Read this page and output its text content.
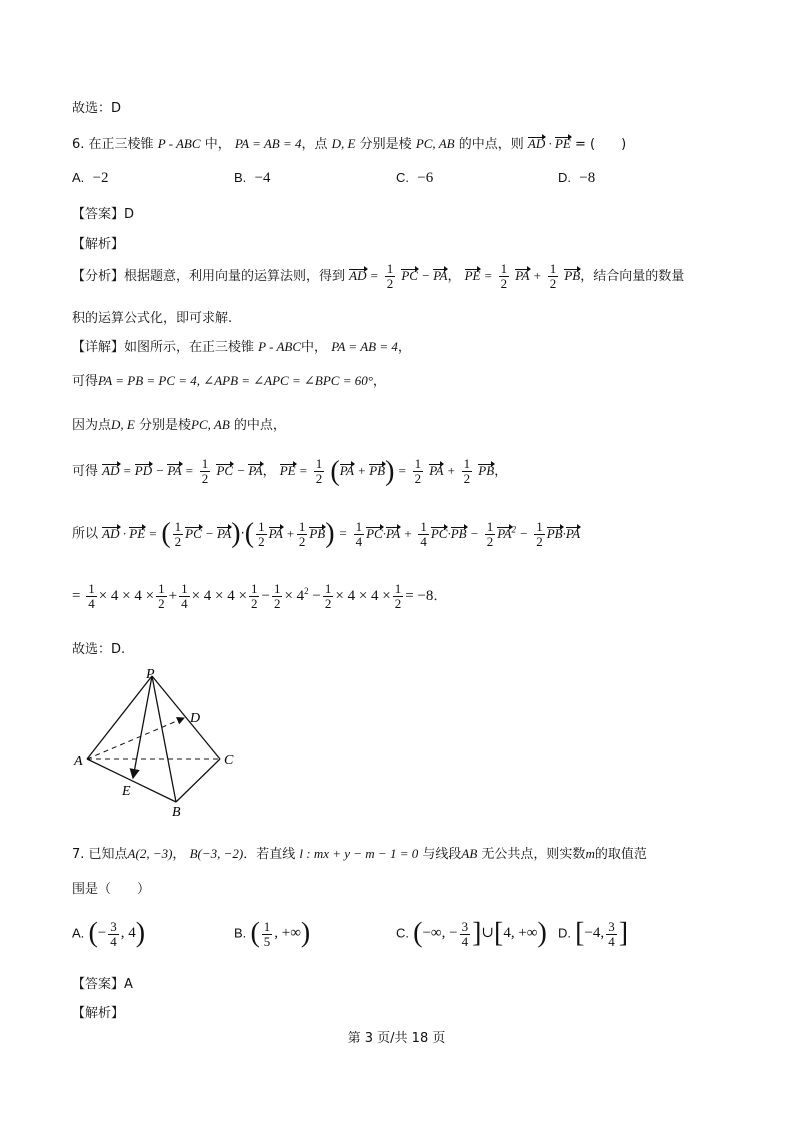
故选：D
6. 在正三棱锥 P - ABC 中， PA = AB = 4，点 D, E 分别是棱 PC, AB 的中点，则 AD · PE = (　　)
A. −2	B. −4	C. −6	D. −8
【答案】D
【解析】
【分析】根据题意，利用向量的运算法则，得到 AD = $\frac{1}{2}$ PC − PA， PE = $\frac{1}{2}$ PA + $\frac{1}{2}$ PB，结合向量的数量
积的运算公式化，即可求解.
【详解】如图所示，在正三棱锥 P - ABC中， PA = AB = 4，
可得PA = PB = PC = 4, ∠APB = ∠APC = ∠BPC = 60°，
因为点D, E 分别是棱PC, AB 的中点，
可得 AD = PD − PA = $\frac{1}{2}$ PC − PA， PE = $\frac{1}{2} (PA + PB) = \frac{1}{2}$ PA + $\frac{1}{2}$ PB，
所以 AD · PE = ( $\frac{1}{2}$ PC − $PA)\cdot( \frac{1}{2}$ PA + $\frac{1}{2} PB) = \frac{1}{4} PC\cdot PA + \frac{1}{4} PC\cdot PB - \frac{1}{2} PA^2 - \frac{1}{2} PB\cdot PA$
= $\frac{1}{4} \times 4 \times 4 \times \frac{1}{2} + \frac{1}{4} \times 4 \times 4 \times \frac{1}{2} - \frac{1}{2} \times 4^2 - \frac{1}{2} \times 4 \times 4 \times \frac{1}{2} = -8$．
故选：D.
P
A
B
C
D
E
7. 已知点A(2, −3)， B(−3, −2)．若直线 l : mx + y − m − 1 = 0 与线段AB 无公共点，则实数m的取值范
围是（　　）
A. (− $\frac{3}{4}$ , 4)	B. ( $\frac{1}{5}$ , +∞)	C. (−∞, − $\frac{3}{4}$ ]∪[4, +∞) D. [−4, $\frac{3}{4}$ ]
【答案】A
【解析】
第 3 页/共 18 页
